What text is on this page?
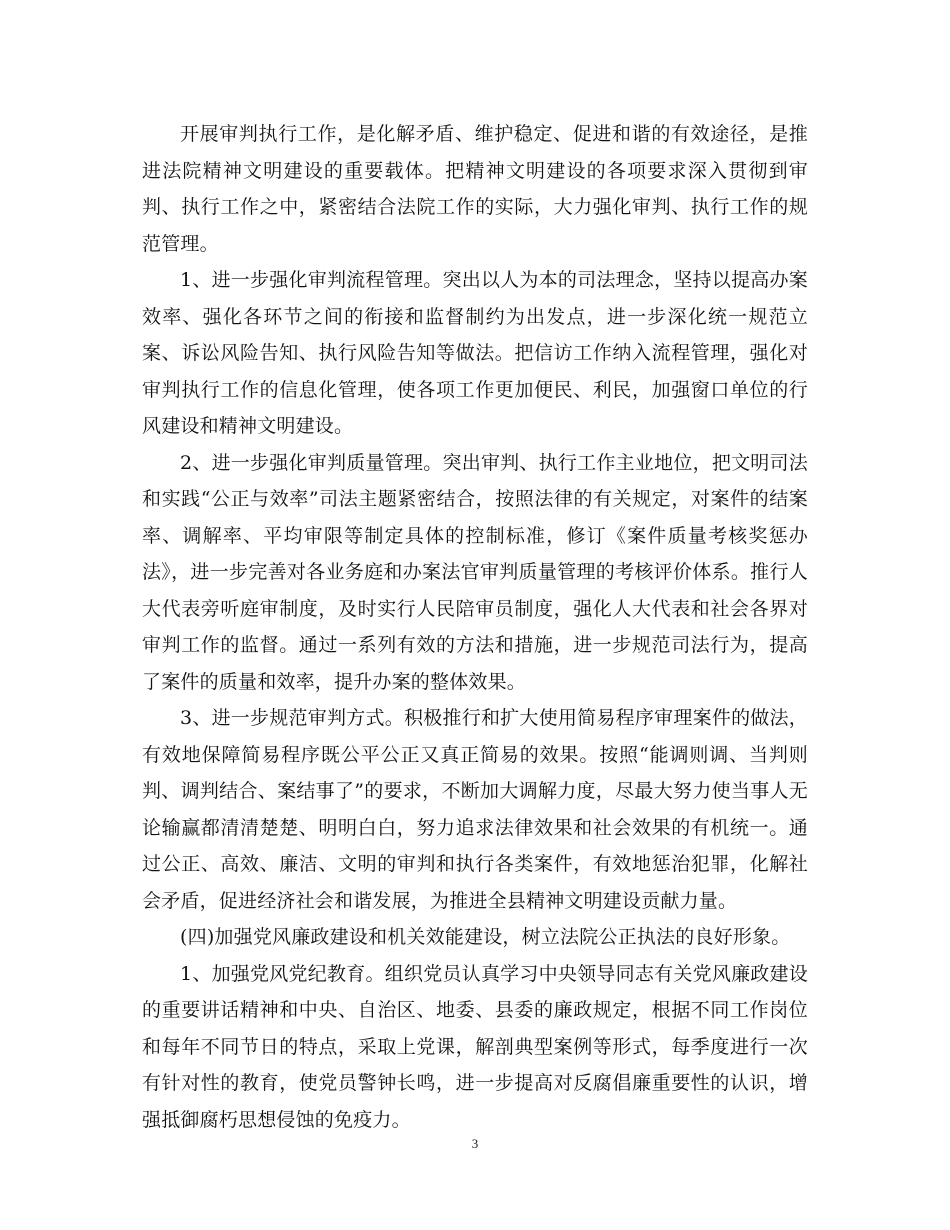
开展审判执行工作，是化解矛盾、维护稳定、促进和谐的有效途径，是推进法院精神文明建设的重要载体。把精神文明建设的各项要求深入贯彻到审判、执行工作之中，紧密结合法院工作的实际，大力强化审判、执行工作的规范管理。

1、进一步强化审判流程管理。突出以人为本的司法理念，坚持以提高办案效率、强化各环节之间的衔接和监督制约为出发点，进一步深化统一规范立案、诉讼风险告知、执行风险告知等做法。把信访工作纳入流程管理，强化对审判执行工作的信息化管理，使各项工作更加便民、利民，加强窗口单位的行风建设和精神文明建设。

2、进一步强化审判质量管理。突出审判、执行工作主业地位，把文明司法和实践“公正与效率”司法主题紧密结合，按照法律的有关规定，对案件的结案率、调解率、平均审限等制定具体的控制标准，修订《案件质量考核奖惩办法》，进一步完善对各业务庭和办案法官审判质量管理的考核评价体系。推行人大代表旁听庭审制度，及时实行人民陪审员制度，强化人大代表和社会各界对审判工作的监督。通过一系列有效的方法和措施，进一步规范司法行为，提高了案件的质量和效率，提升办案的整体效果。

3、进一步规范审判方式。积极推行和扩大使用简易程序审理案件的做法，有效地保障简易程序既公平公正又真正简易的效果。按照“能调则调、当判则判、调判结合、案结事了”的要求，不断加大调解力度，尽最大努力使当事人无论输赢都清清楚楚、明明白白，努力追求法律效果和社会效果的有机统一。通过公正、高效、廉洁、文明的审判和执行各类案件，有效地惩治犯罪，化解社会矛盾，促进经济社会和谐发展，为推进全县精神文明建设贡献力量。

(四)加强党风廉政建设和机关效能建设，树立法院公正执法的良好形象。

1、加强党风党纪教育。组织党员认真学习中央领导同志有关党风廉政建设的重要讲话精神和中央、自治区、地委、县委的廉政规定，根据不同工作岗位和每年不同节日的特点，采取上党课，解剖典型案例等形式，每季度进行一次有针对性的教育，使党员警钟长鸣，进一步提高对反腐倡廉重要性的认识，增强抵御腐朽思想侵蚀的免疫力。

3
